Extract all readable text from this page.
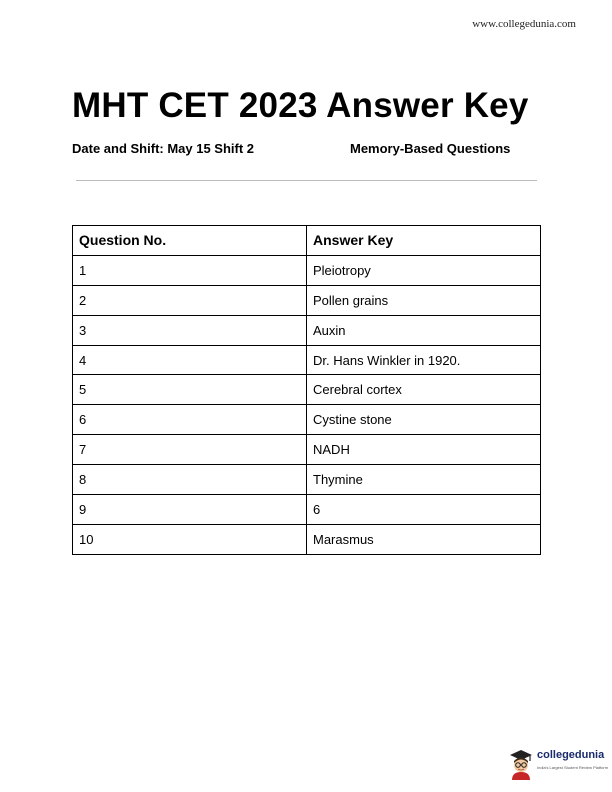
www.collegedunia.com
MHT CET 2023 Answer Key
Date and Shift: May 15 Shift 2	Memory-Based Questions
Question No.	Answer Key
1	Pleiotropy
2	Pollen grains
3	Auxin
4	Dr. Hans Winkler in 1920.
5	Cerebral cortex
6	Cystine stone
7	NADH
8	Thymine
9	6
10	Marasmus
collegedunia
India's Largest Student Review Platform
